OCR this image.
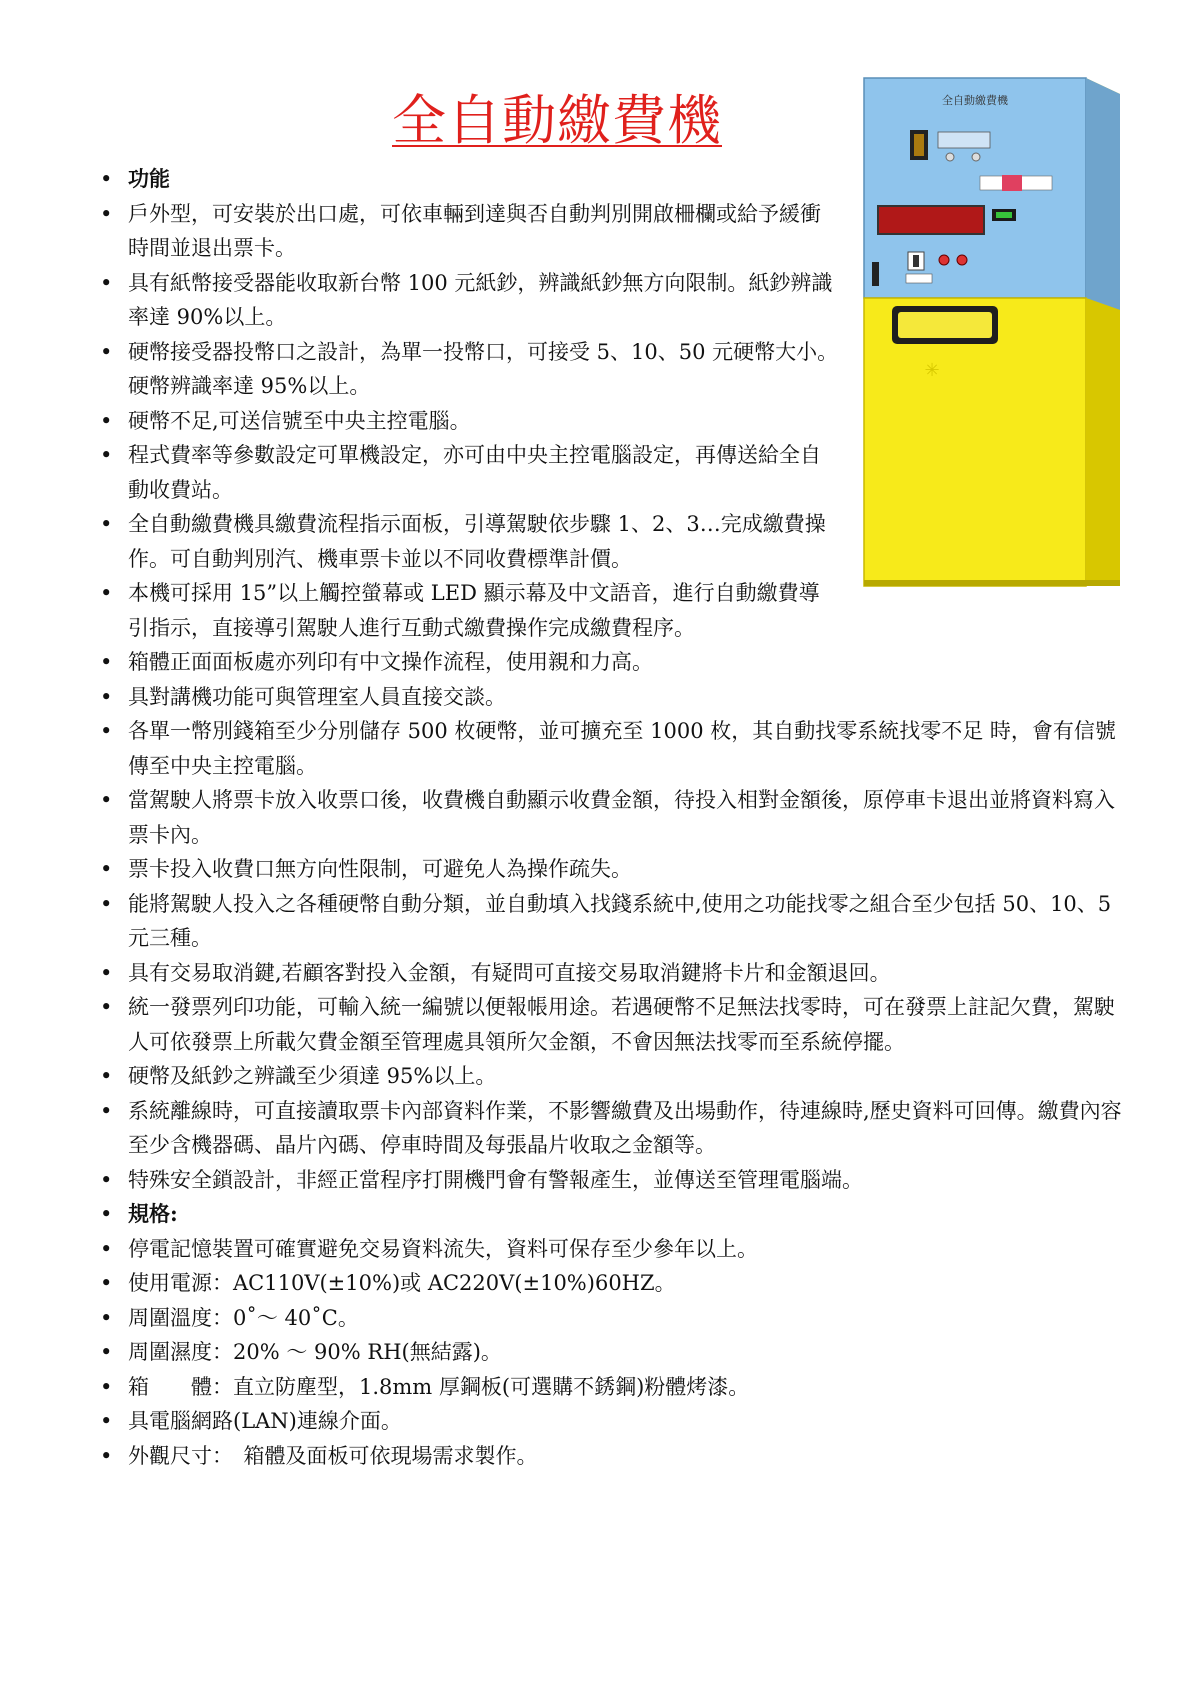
全自動繳費機
• 功能
• 戶外型，可安裝於出口處，可依車輛到達與否自動判別開啟柵欄或給予緩衝時間並退出票卡。
• 具有紙幣接受器能收取新台幣 100 元紙鈔，辨識紙鈔無方向限制。紙鈔辨識率達 90%以上。
• 硬幣接受器投幣口之設計，為單一投幣口，可接受 5、10、50 元硬幣大小。硬幣辨識率達 95%以上。
• 硬幣不足,可送信號至中央主控電腦。
• 程式費率等參數設定可單機設定，亦可由中央主控電腦設定，再傳送給全自動收費站。
• 全自動繳費機具繳費流程指示面板，引導駕駛依步驟 1、2、3…完成繳費操作。可自動判別汽、機車票卡並以不同收費標準計價。
• 本機可採用 15”以上觸控螢幕或 LED 顯示幕及中文語音，進行自動繳費導引指示，直接導引駕駛人進行互動式繳費操作完成繳費程序。
• 箱體正面面板處亦列印有中文操作流程，使用親和力高。
• 具對講機功能可與管理室人員直接交談。
• 各單一幣別錢箱至少分別儲存 500 枚硬幣，並可擴充至 1000 枚，其自動找零系統找零不足 時，會有信號傳至中央主控電腦。
• 當駕駛人將票卡放入收票口後，收費機自動顯示收費金額，待投入相對金額後，原停車卡退出並將資料寫入票卡內。
• 票卡投入收費口無方向性限制，可避免人為操作疏失。
• 能將駕駛人投入之各種硬幣自動分類，並自動填入找錢系統中,使用之功能找零之組合至少包括 50、10、5 元三種。
• 具有交易取消鍵,若顧客對投入金額，有疑問可直接交易取消鍵將卡片和金額退回。
• 統一發票列印功能，可輸入統一編號以便報帳用途。若遇硬幣不足無法找零時，可在發票上註記欠費，駕駛人可依發票上所載欠費金額至管理處具領所欠金額，不會因無法找零而至系統停擺。
• 硬幣及紙鈔之辨識至少須達 95%以上。
• 系統離線時，可直接讀取票卡內部資料作業，不影響繳費及出場動作，待連線時,歷史資料可回傳。繳費內容至少含機器碼、晶片內碼、停車時間及每張晶片收取之金額等。
• 特殊安全鎖設計，非經正當程序打開機門會有警報產生，並傳送至管理電腦端。
• 規格:
• 停電記憶裝置可確實避免交易資料流失，資料可保存至少參年以上。
• 使用電源：AC110V(±10%)或 AC220V(±10%)60HZ。
• 周圍溫度：0˚～ 40˚C。
• 周圍濕度：20% ～ 90% RH(無結露)。
• 箱　　體：直立防塵型，1.8mm 厚鋼板(可選購不銹鋼)粉體烤漆。
• 具電腦網路(LAN)連線介面。
• 外觀尺寸：　箱體及面板可依現場需求製作。
全自動繳費機
✳
